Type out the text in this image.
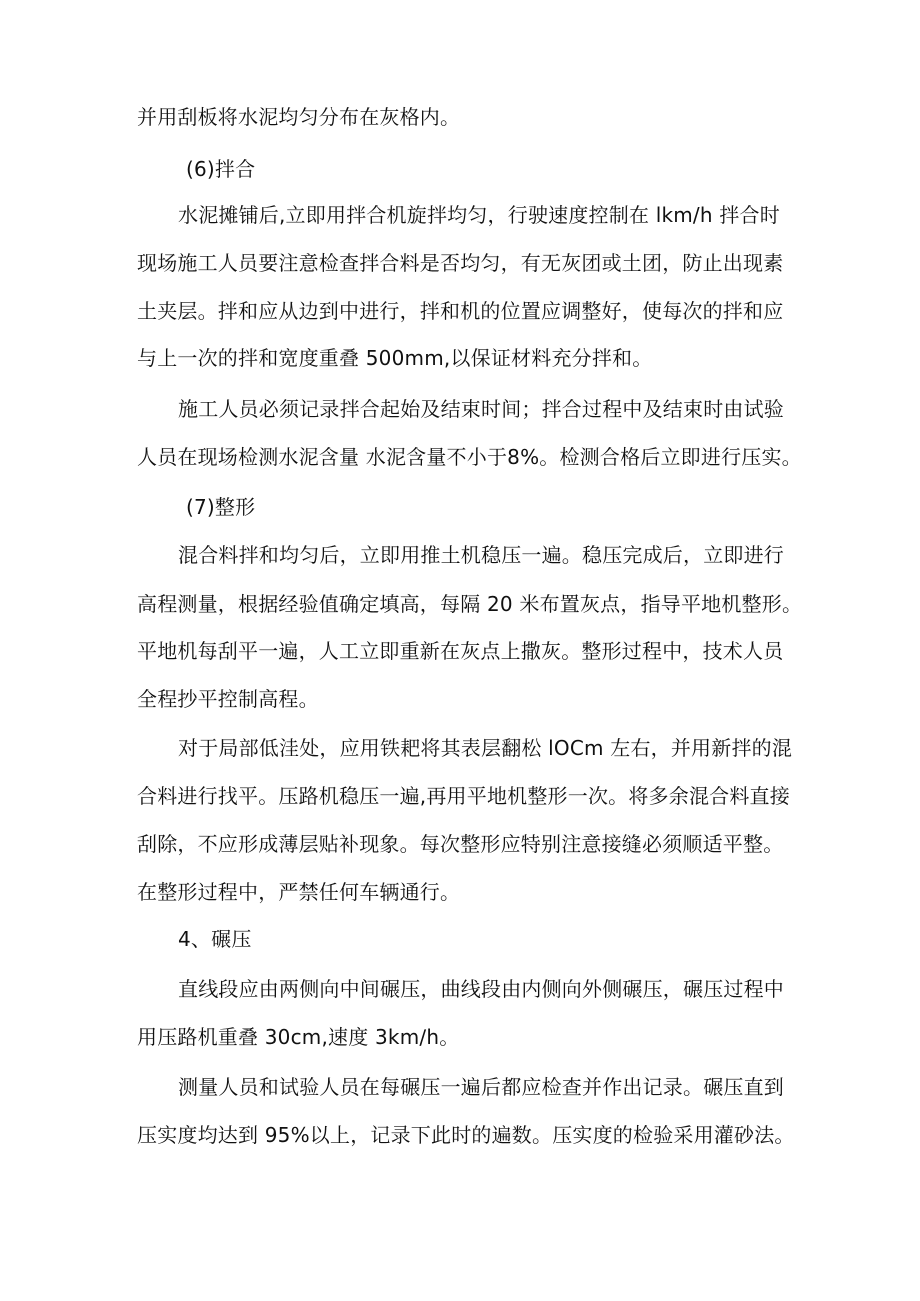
并用刮板将水泥均匀分布在灰格内。
(6)拌合
水泥摊铺后,立即用拌合机旋拌均匀，行驶速度控制在 lkm/h 拌合时
现场施工人员要注意检查拌合料是否均匀，有无灰团或土团，防止出现素
土夹层。拌和应从边到中进行，拌和机的位置应调整好，使每次的拌和应
与上一次的拌和宽度重叠 500mm,以保证材料充分拌和。
施工人员必须记录拌合起始及结束时间；拌合过程中及结束时由试验
人员在现场检测水泥含量 水泥含量不小于8%。检测合格后立即进行压实。
(7)整形
混合料拌和均匀后，立即用推土机稳压一遍。稳压完成后，立即进行
高程测量，根据经验值确定填高，每隔 20 米布置灰点，指导平地机整形。
平地机每刮平一遍，人工立即重新在灰点上撒灰。整形过程中，技术人员
全程抄平控制高程。
对于局部低洼处，应用铁耙将其表层翻松 lOCm 左右，并用新拌的混
合料进行找平。压路机稳压一遍,再用平地机整形一次。将多余混合料直接
刮除，不应形成薄层贴补现象。每次整形应特别注意接缝必须顺适平整。
在整形过程中，严禁任何车辆通行。
4、碾压
直线段应由两侧向中间碾压，曲线段由内侧向外侧碾压，碾压过程中
用压路机重叠 30cm,速度 3km∕h。
测量人员和试验人员在每碾压一遍后都应检查并作出记录。碾压直到
压实度均达到 95%以上，记录下此时的遍数。压实度的检验采用灌砂法。
